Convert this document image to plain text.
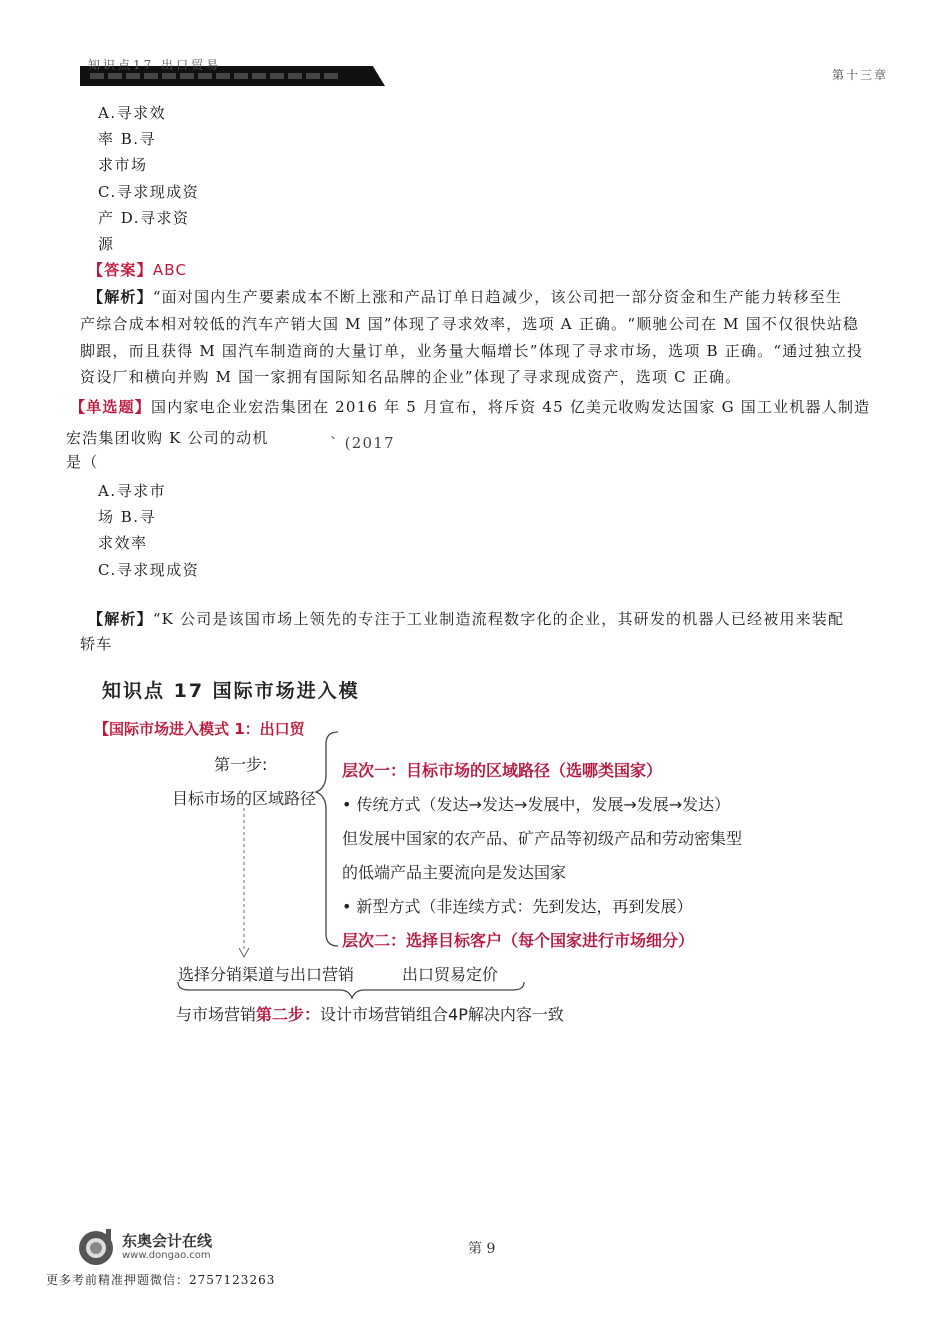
知识点17 出口贸易
第十三章
A.寻求效
率 B.寻
求市场
C.寻求现成资
产 D.寻求资
源
【答案】ABC
【解析】“面对国内生产要素成本不断上涨和产品订单日趋减少，该公司把一部分资金和生产能力转移至生
产综合成本相对较低的汽车产销大国 M 国”体现了寻求效率，选项 A 正确。“顺驰公司在 M 国不仅很快站稳
脚跟，而且获得 M 国汽车制造商的大量订单，业务量大幅增长”体现了寻求市场，选项 B 正确。“通过独立投
资设厂和横向并购 M 国一家拥有国际知名品牌的企业”体现了寻求现成资产，选项 C 正确。
【单选题】国内家电企业宏浩集团在 2016 年 5 月宣布，将斥资 45 亿美元收购发达国家 G 国工业机器人制造
宏浩集团收购 K 公司的动机	` (2017
是（
A.寻求市
场 B.寻
求效率
C.寻求现成资
【解析】“K 公司是该国市场上领先的专注于工业制造流程数字化的企业，其研发的机器人已经被用来装配
轿车
知识点 17 国际市场进入模
【国际市场进入模式 1：出口贸
第一步:
目标市场的区域路径
层次一：目标市场的区域路径（选哪类国家）
• 传统方式（发达→发达→发展中，发展→发展→发达）
但发展中国家的农产品、矿产品等初级产品和劳动密集型
的低端产品主要流向是发达国家
• 新型方式（非连续方式：先到发达，再到发展）
层次二：选择目标客户（每个国家进行市场细分）
选择分销渠道与出口营销	出口贸易定价
与市场营销第二步：设计市场营销组合4P解决内容一致
东奥会计在线
www.dongao.com	第 9
更多考前精准押题微信：2757123263
